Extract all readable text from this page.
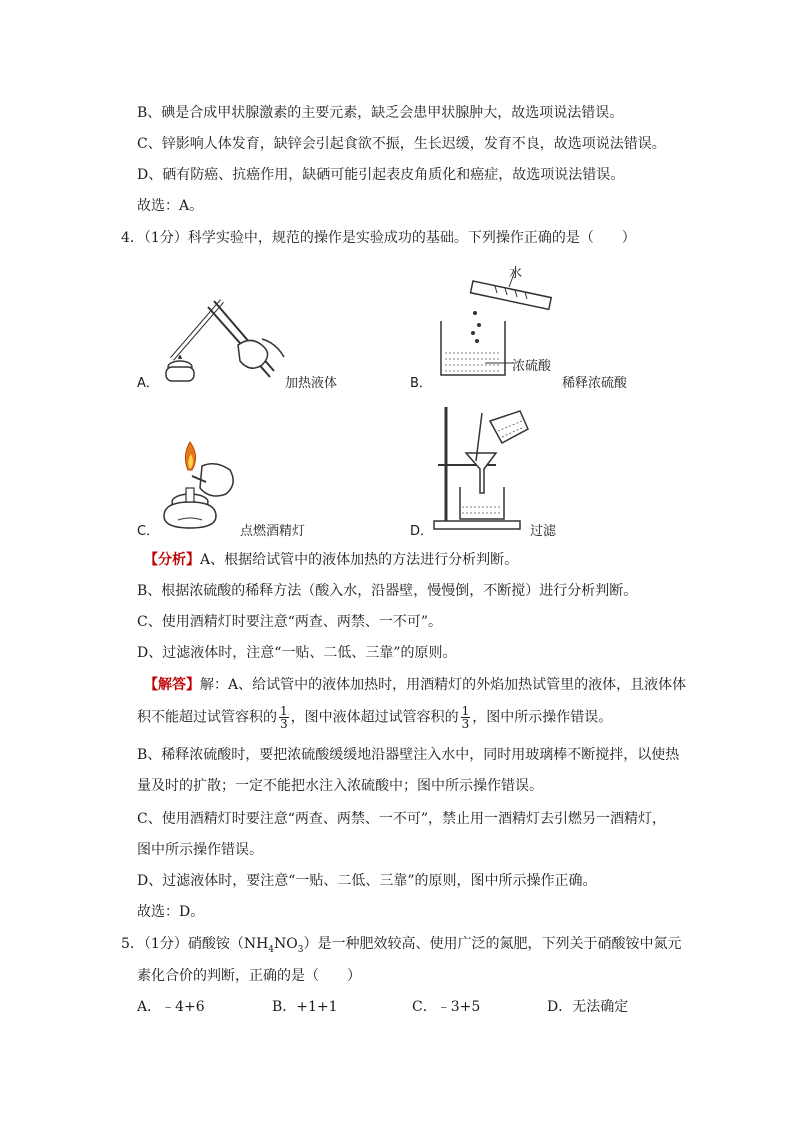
B、碘是合成甲状腺激素的主要元素，缺乏会患甲状腺肿大，故选项说法错误。
C、锌影响人体发育，缺锌会引起食欲不振，生长迟缓，发育不良，故选项说法错误。
D、硒有防癌、抗癌作用，缺硒可能引起表皮角质化和癌症，故选项说法错误。
故选：A。
4．（1分）科学实验中，规范的操作是实验成功的基础。下列操作正确的是（　　）
A．	加热液体	B．
水
浓硫酸
稀释浓硫酸
C．	点燃酒精灯	D．	过滤
【分析】A、根据给试管中的液体加热的方法进行分析判断。
B、根据浓硫酸的稀释方法（酸入水，沿器壁，慢慢倒，不断搅）进行分析判断。
C、使用酒精灯时要注意“两查、两禁、一不可”。
D、过滤液体时，注意“一贴、二低、三靠”的原则。
【解答】解：A、给试管中的液体加热时，用酒精灯的外焰加热试管里的液体，且液体体
积不能超过试管容积的 $\frac{1}{3}$ ，图中液体超过试管容积的 $\frac{1}{3}$ ，图中所示操作错误。
B、稀释浓硫酸时，要把浓硫酸缓缓地沿器壁注入水中，同时用玻璃棒不断搅拌，以使热
量及时的扩散；一定不能把水注入浓硫酸中；图中所示操作错误。
C、使用酒精灯时要注意“两查、两禁、一不可”，禁止用一酒精灯去引燃另一酒精灯，
图中所示操作错误。
D、过滤液体时，要注意“一贴、二低、三靠”的原则，图中所示操作正确。
故选：D。
5．（1分）硝酸铵$(NH_4NO_3)$是一种肥效较高、使用广泛的氮肥，下列关于硝酸铵中氮元
素化合价的判断，正确的是（　　）
A．﹣4+6	B．+1+1	C．﹣3+5	D．无法确定
